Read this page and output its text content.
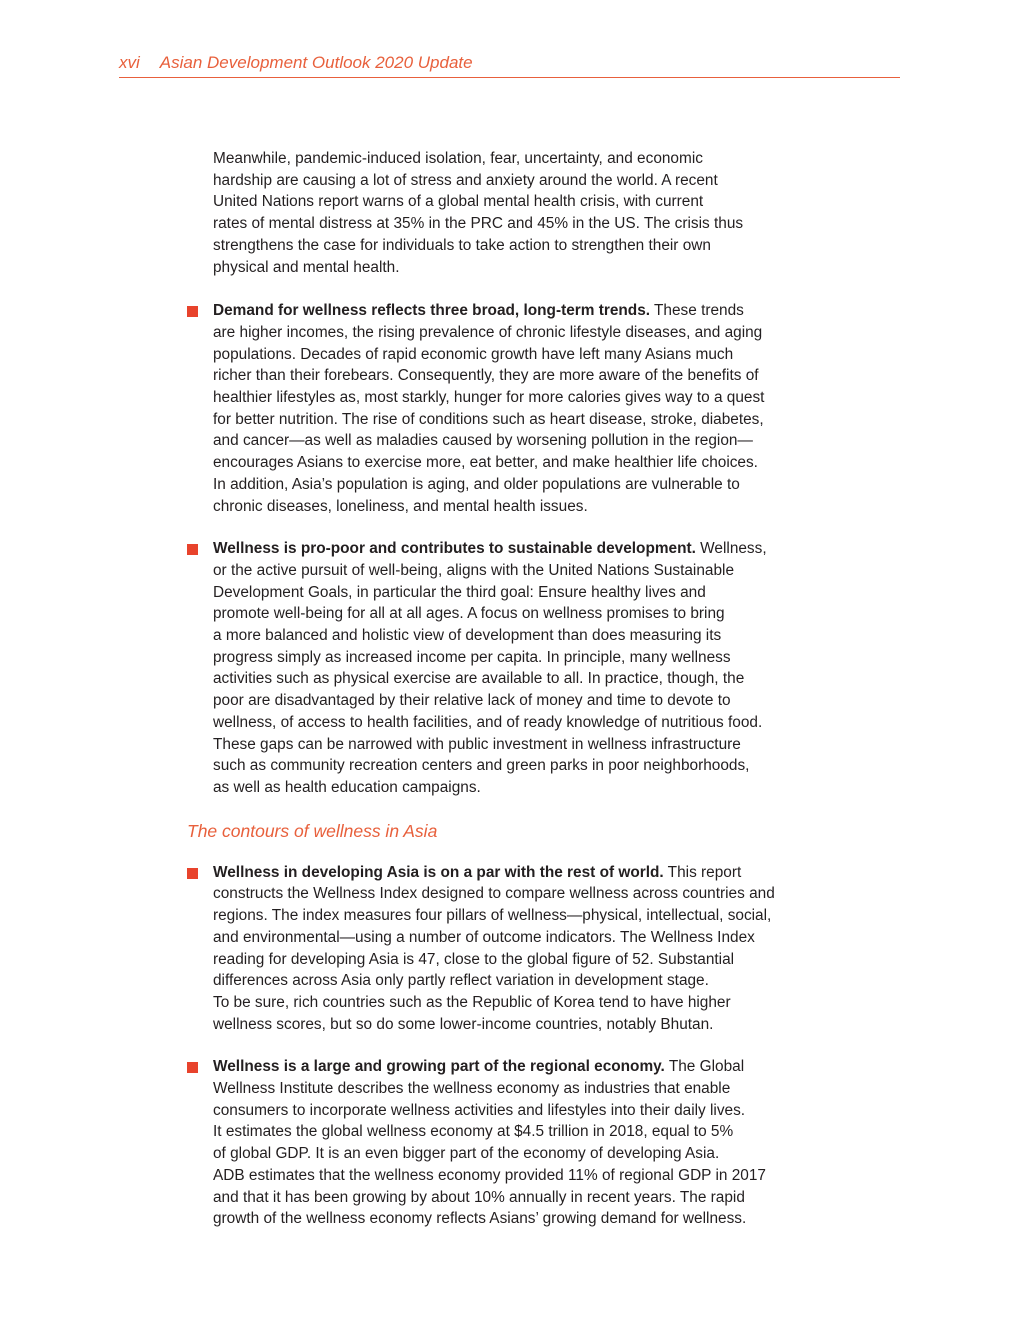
xvi Asian Development Outlook 2020 Update

Meanwhile, pandemic-induced isolation, fear, uncertainty, and economic
hardship are causing a lot of stress and anxiety around the world. A recent
United Nations report warns of a global mental health crisis, with current
rates of mental distress at 35% in the PRC and 45% in the US. The crisis thus
strengthens the case for individuals to take action to strengthen their own
physical and mental health.

Demand for wellness reflects three broad, long-term trends. These trends
are higher incomes, the rising prevalence of chronic lifestyle diseases, and aging
populations. Decades of rapid economic growth have left many Asians much
richer than their forebears. Consequently, they are more aware of the benefits of
healthier lifestyles as, most starkly, hunger for more calories gives way to a quest
for better nutrition. The rise of conditions such as heart disease, stroke, diabetes,
and cancer—as well as maladies caused by worsening pollution in the region—
encourages Asians to exercise more, eat better, and make healthier life choices.
In addition, Asia’s population is aging, and older populations are vulnerable to
chronic diseases, loneliness, and mental health issues.

Wellness is pro-poor and contributes to sustainable development. Wellness,
or the active pursuit of well-being, aligns with the United Nations Sustainable
Development Goals, in particular the third goal: Ensure healthy lives and
promote well-being for all at all ages. A focus on wellness promises to bring
a more balanced and holistic view of development than does measuring its
progress simply as increased income per capita. In principle, many wellness
activities such as physical exercise are available to all. In practice, though, the
poor are disadvantaged by their relative lack of money and time to devote to
wellness, of access to health facilities, and of ready knowledge of nutritious food.
These gaps can be narrowed with public investment in wellness infrastructure
such as community recreation centers and green parks in poor neighborhoods,
as well as health education campaigns.

The contours of wellness in Asia

Wellness in developing Asia is on a par with the rest of world. This report
constructs the Wellness Index designed to compare wellness across countries and
regions. The index measures four pillars of wellness—physical, intellectual, social,
and environmental—using a number of outcome indicators. The Wellness Index
reading for developing Asia is 47, close to the global figure of 52. Substantial
differences across Asia only partly reflect variation in development stage.
To be sure, rich countries such as the Republic of Korea tend to have higher
wellness scores, but so do some lower-income countries, notably Bhutan.

Wellness is a large and growing part of the regional economy. The Global
Wellness Institute describes the wellness economy as industries that enable
consumers to incorporate wellness activities and lifestyles into their daily lives.
It estimates the global wellness economy at $4.5 trillion in 2018, equal to 5%
of global GDP. It is an even bigger part of the economy of developing Asia.
ADB estimates that the wellness economy provided 11% of regional GDP in 2017
and that it has been growing by about 10% annually in recent years. The rapid
growth of the wellness economy reflects Asians’ growing demand for wellness.
